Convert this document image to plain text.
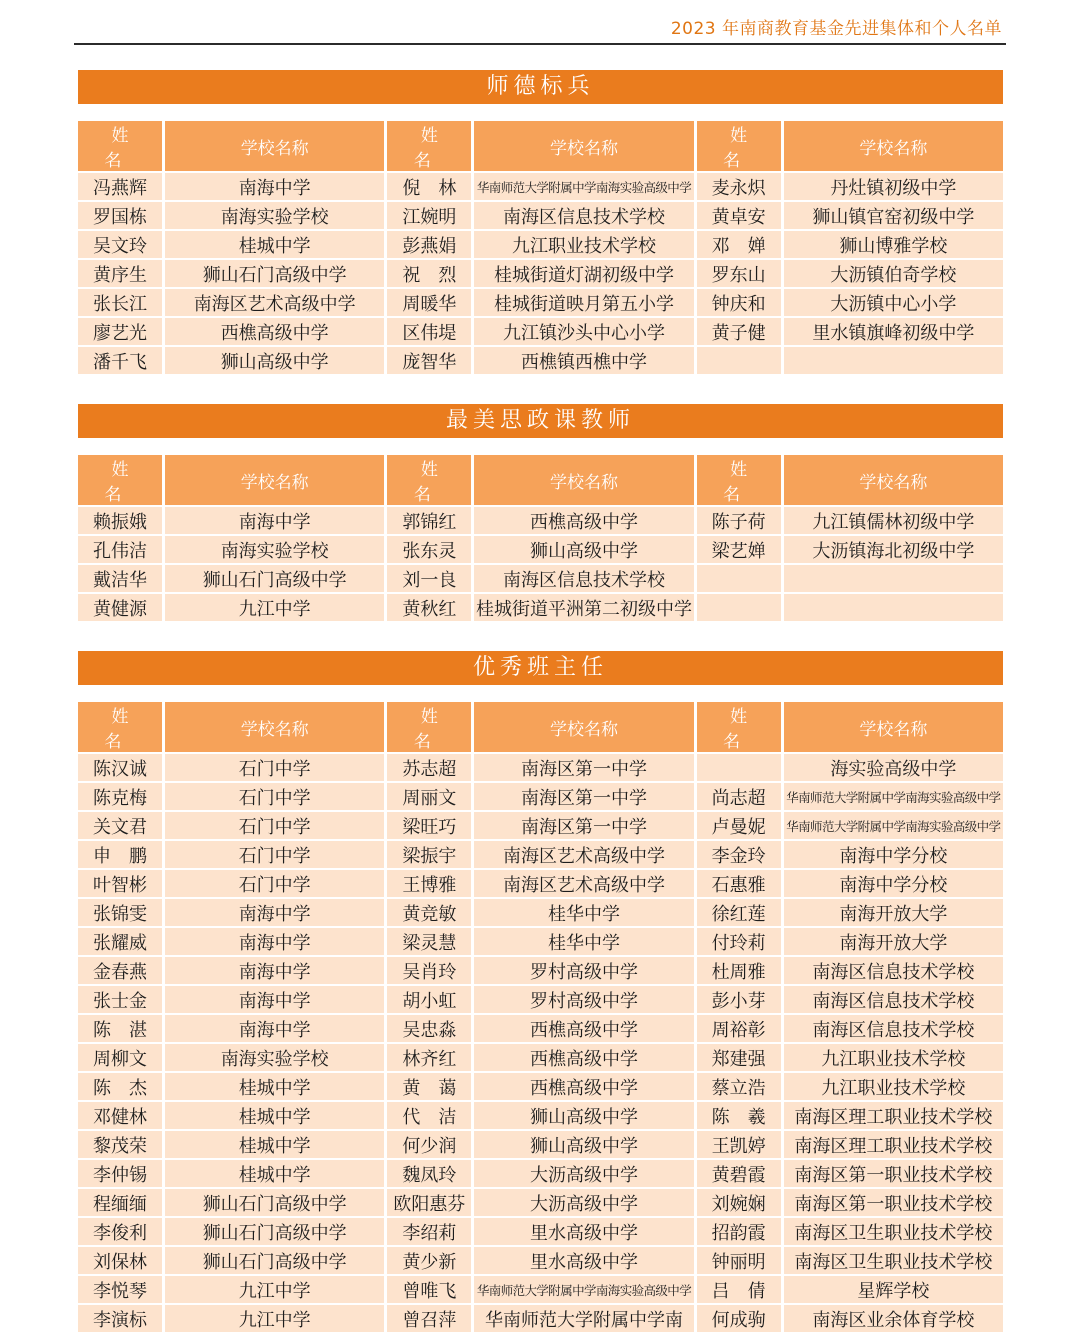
2023 年南商教育基金先进集体和个人名单
师德标兵
姓 名	学校名称	姓 名	学校名称	姓 名	学校名称
冯燕辉	南海中学	倪　林	华南师范大学附属中学南海实验高级中学	麦永炽	丹灶镇初级中学
罗国栋	南海实验学校	江婉明	南海区信息技术学校	黄卓安	狮山镇官窑初级中学
吴文玲	桂城中学	彭燕娟	九江职业技术学校	邓　婵	狮山博雅学校
黄序生	狮山石门高级中学	祝　烈	桂城街道灯湖初级中学	罗东山	大沥镇伯奇学校
张长江	南海区艺术高级中学	周暖华	桂城街道映月第五小学	钟庆和	大沥镇中心小学
廖艺光	西樵高级中学	区伟堤	九江镇沙头中心小学	黄子健	里水镇旗峰初级中学
潘千飞	狮山高级中学	庞智华	西樵镇西樵中学		
最美思政课教师
姓 名	学校名称	姓 名	学校名称	姓 名	学校名称
赖振娥	南海中学	郭锦红	西樵高级中学	陈子荷	九江镇儒林初级中学
孔伟洁	南海实验学校	张东灵	狮山高级中学	梁艺婵	大沥镇海北初级中学
戴洁华	狮山石门高级中学	刘一良	南海区信息技术学校		
黄健源	九江中学	黄秋红	桂城街道平洲第二初级中学		
优秀班主任
姓 名	学校名称	姓 名	学校名称	姓 名	学校名称
陈汉诚	石门中学	苏志超	南海区第一中学		海实验高级中学
陈克梅	石门中学	周丽文	南海区第一中学	尚志超	华南师范大学附属中学南海实验高级中学
关文君	石门中学	梁旺巧	南海区第一中学	卢曼妮	华南师范大学附属中学南海实验高级中学
申　鹏	石门中学	梁振宇	南海区艺术高级中学	李金玲	南海中学分校
叶智彬	石门中学	王博雅	南海区艺术高级中学	石惠雅	南海中学分校
张锦雯	南海中学	黄竞敏	桂华中学	徐红莲	南海开放大学
张耀威	南海中学	梁灵慧	桂华中学	付玲莉	南海开放大学
金春燕	南海中学	吴肖玲	罗村高级中学	杜周雅	南海区信息技术学校
张士金	南海中学	胡小虹	罗村高级中学	彭小芽	南海区信息技术学校
陈　湛	南海中学	吴忠淼	西樵高级中学	周裕彰	南海区信息技术学校
周柳文	南海实验学校	林齐红	西樵高级中学	郑建强	九江职业技术学校
陈　杰	桂城中学	黄　蔼	西樵高级中学	蔡立浩	九江职业技术学校
邓健林	桂城中学	代　洁	狮山高级中学	陈　羲	南海区理工职业技术学校
黎茂荣	桂城中学	何少润	狮山高级中学	王凯婷	南海区理工职业技术学校
李仲锡	桂城中学	魏凤玲	大沥高级中学	黄碧霞	南海区第一职业技术学校
程缅缅	狮山石门高级中学	欧阳惠芬	大沥高级中学	刘婉娴	南海区第一职业技术学校
李俊利	狮山石门高级中学	李绍莉	里水高级中学	招韵霞	南海区卫生职业技术学校
刘保林	狮山石门高级中学	黄少新	里水高级中学	钟丽明	南海区卫生职业技术学校
李悦琴	九江中学	曾唯飞	华南师范大学附属中学南海实验高级中学	吕　倩	星辉学校
李演标	九江中学	曾召萍	华南师范大学附属中学南	何成驹	南海区业余体育学校
